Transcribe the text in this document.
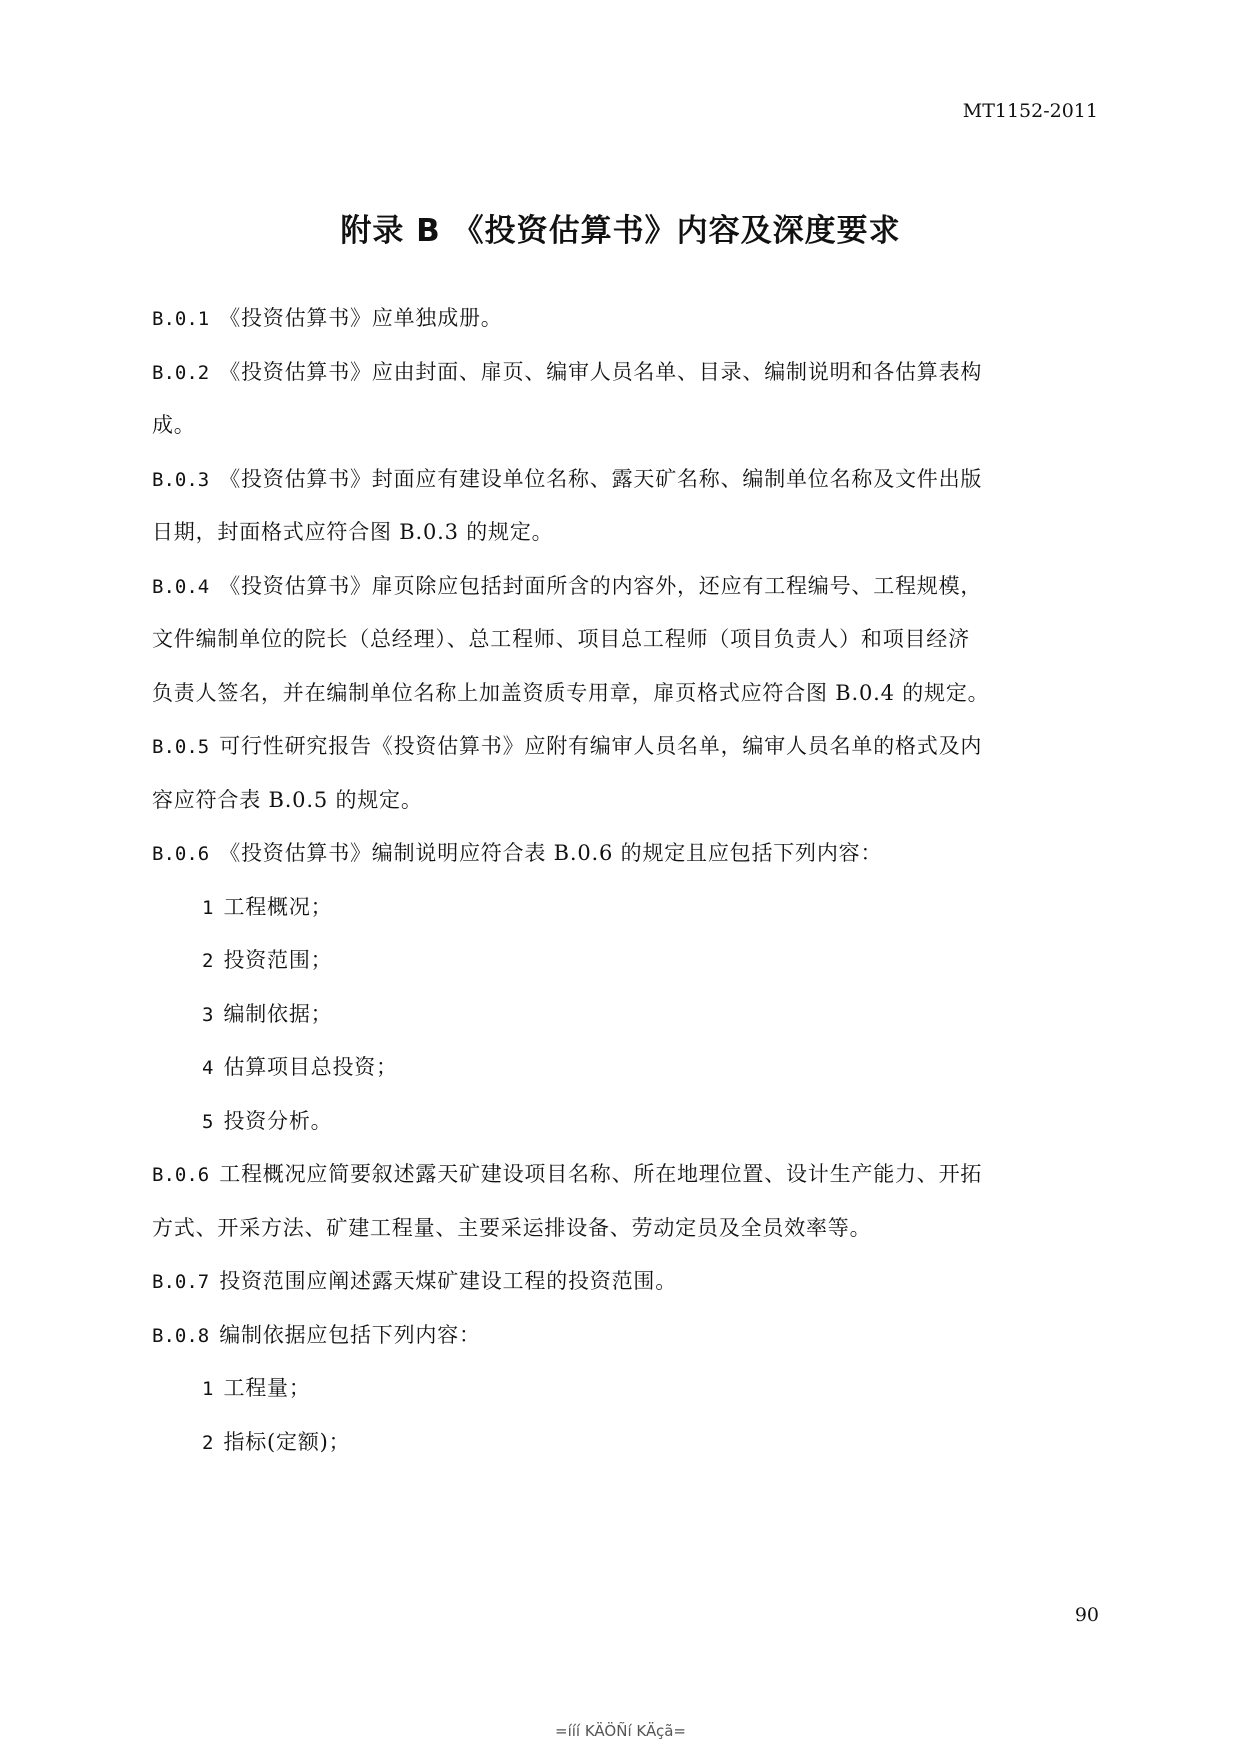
MT1152-2011
附录 B 《投资估算书》内容及深度要求
B.0.1 《投资估算书》应单独成册。
B.0.2 《投资估算书》应由封面、扉页、编审人员名单、目录、编制说明和各估算表构
成。
B.0.3 《投资估算书》封面应有建设单位名称、露天矿名称、编制单位名称及文件出版
日期，封面格式应符合图 B.0.3 的规定。
B.0.4 《投资估算书》扉页除应包括封面所含的内容外，还应有工程编号、工程规模，
文件编制单位的院长（总经理）、总工程师、项目总工程师（项目负责人）和项目经济
负责人签名，并在编制单位名称上加盖资质专用章，扉页格式应符合图 B.0.4 的规定。
B.0.5 可行性研究报告《投资估算书》应附有编审人员名单，编审人员名单的格式及内
容应符合表 B.0.5 的规定。
B.0.6 《投资估算书》编制说明应符合表 B.0.6 的规定且应包括下列内容：
1 工程概况；
2 投资范围；
3 编制依据；
4 估算项目总投资；
5 投资分析。
B.0.6 工程概况应简要叙述露天矿建设项目名称、所在地理位置、设计生产能力、开拓
方式、开采方法、矿建工程量、主要采运排设备、劳动定员及全员效率等。
B.0.7 投资范围应阐述露天煤矿建设工程的投资范围。
B.0.8 编制依据应包括下列内容：
1 工程量；
2 指标(定额)；
90
=ííí KÄÖÑí KÄçã=
